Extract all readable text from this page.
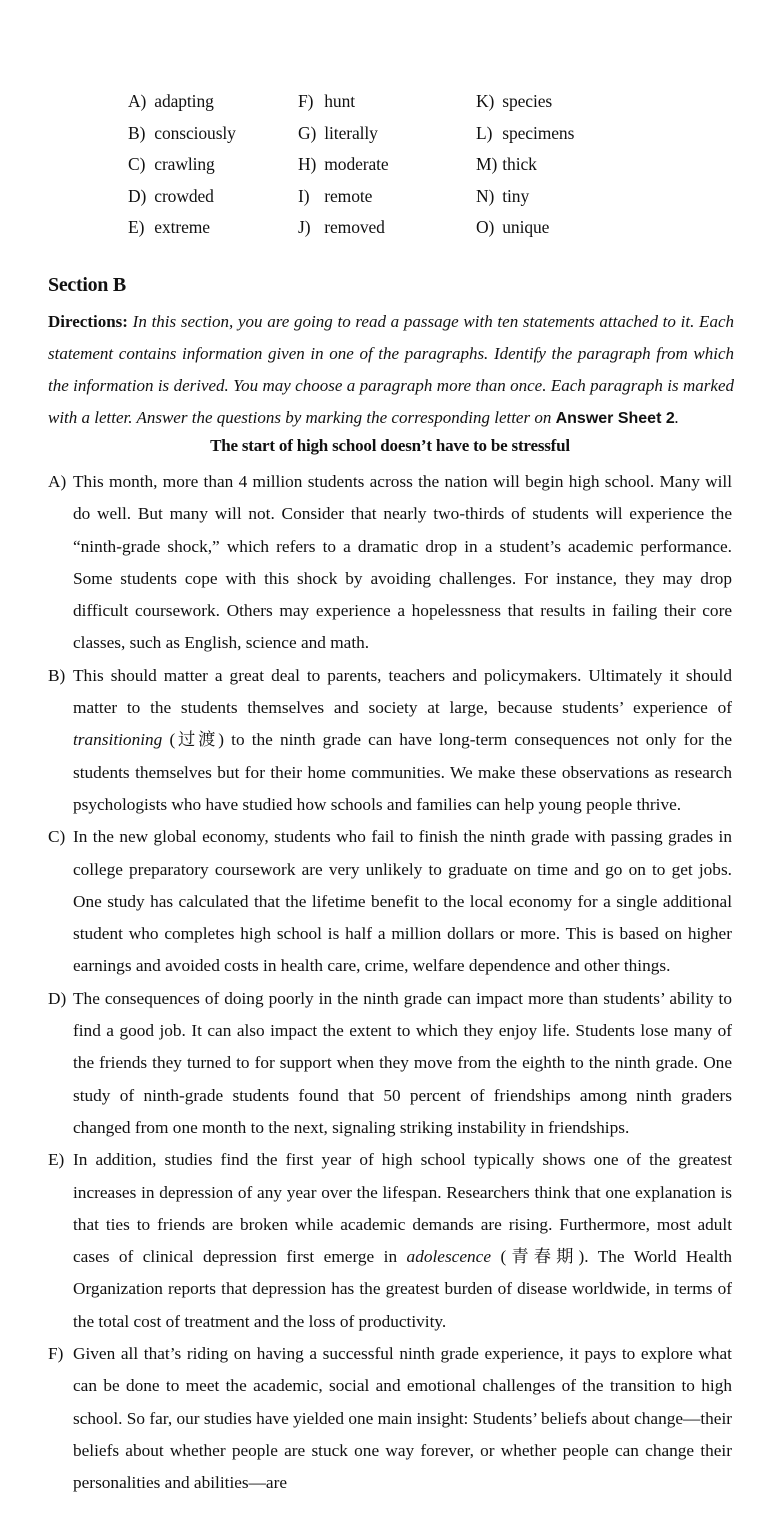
A) adapting	F) hunt	K) species
B) consciously	G) literally	L) specimens
C) crawling	H) moderate	M) thick
D) crowded	I) remote	N) tiny
E) extreme	J) removed	O) unique
Section B
Directions: In this section, you are going to read a passage with ten statements attached to it. Each statement contains information given in one of the paragraphs. Identify the paragraph from which the information is derived. You may choose a paragraph more than once. Each paragraph is marked with a letter. Answer the questions by marking the corresponding letter on Answer Sheet 2.
The start of high school doesn’t have to be stressful

A) This month, more than 4 million students across the nation will begin high school. Many will do well. But many will not. Consider that nearly two-thirds of students will experience the “ninth-grade shock,” which refers to a dramatic drop in a student’s academic performance. Some students cope with this shock by avoiding challenges. For instance, they may drop difficult coursework. Others may experience a hopelessness that results in failing their core classes, such as English, science and math.

B) This should matter a great deal to parents, teachers and policymakers. Ultimately it should matter to the students themselves and society at large, because students’ experience of transitioning (过渡) to the ninth grade can have long-term consequences not only for the students themselves but for their home communities. We make these observations as research psychologists who have studied how schools and families can help young people thrive.

C) In the new global economy, students who fail to finish the ninth grade with passing grades in college preparatory coursework are very unlikely to graduate on time and go on to get jobs. One study has calculated that the lifetime benefit to the local economy for a single additional student who completes high school is half a million dollars or more. This is based on higher earnings and avoided costs in health care, crime, welfare dependence and other things.

D) The consequences of doing poorly in the ninth grade can impact more than students’ ability to find a good job. It can also impact the extent to which they enjoy life. Students lose many of the friends they turned to for support when they move from the eighth to the ninth grade. One study of ninth-grade students found that 50 percent of friendships among ninth graders changed from one month to the next, signaling striking instability in friendships.

E) In addition, studies find the first year of high school typically shows one of the greatest increases in depression of any year over the lifespan. Researchers think that one explanation is that ties to friends are broken while academic demands are rising. Furthermore, most adult cases of clinical depression first emerge in adolescence (青春期). The World Health Organization reports that depression has the greatest burden of disease worldwide, in terms of the total cost of treatment and the loss of productivity.

F) Given all that’s riding on having a successful ninth grade experience, it pays to explore what can be done to meet the academic, social and emotional challenges of the transition to high school. So far, our studies have yielded one main insight: Students’ beliefs about change—their beliefs about whether people are stuck one way forever, or whether people can change their personalities and abilities—are
